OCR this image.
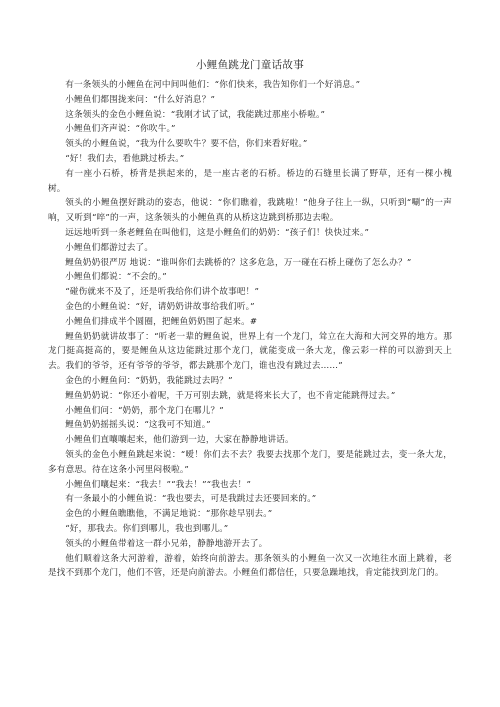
小鲤鱼跳龙门童话故事

有一条领头的小鲤鱼在河中间叫他们：“你们快来，我告知你们一个好消息。”

小鲤鱼们都围拢来问：“什么好消息？”

这条领头的金色小鲤鱼说：“我刚才试了试，我能跳过那座小桥啦。”

小鲤鱼们齐声说：“你吹牛。”

领头的小鲤鱼说，“我为什么要吹牛？要不信，你们来看好啦。”

“好！我们去，看他跳过桥去。”

有一座小石桥，桥背是拱起来的，是一座古老的石桥。桥边的石缝里长满了野草，还有一棵小槐树。

领头的小鲤鱼摆好跳动的姿态，他说：“你们瞧着，我跳啦！”他身子往上一纵，只听到“唰”的一声响，又听到“啐”的一声，这条领头的小鲤鱼真的从桥这边跳到桥那边去啦。

远远地听到一条老鲤鱼在叫他们，这是小鲤鱼们的奶奶：“孩子们！快快过来。”

小鲤鱼们都游过去了。

鲤鱼奶奶很严厉 地说：“谁叫你们去跳桥的？这多危急，万一碰在石桥上碰伤了怎么办？”

小鲤鱼们都说：“不会的。”

“碰伤就来不及了，还是听我给你们讲个故事吧！”

金色的小鲤鱼说：“好，请奶奶讲故事给我们听。”

小鲤鱼们排成半个圆圈，把鲤鱼奶奶围了起来。#

鲤鱼奶奶就讲故事了：“听老一辈的鲤鱼说，世界上有一个龙门，耸立在大海和大河交界的地方。那龙门挺高挺高的，要是鲤鱼从这边能跳过那个龙门，就能变成一条大龙，像云彩一样的可以游到天上去。我们的爷爷，还有爷爷的爷爷，都去跳那个龙门，谁也没有跳过去……”

金色的小鲤鱼问：“奶奶，我能跳过去吗？”

鲤鱼奶奶说：“你还小着呢，千万可别去跳，就是将来长大了，也不肯定能跳得过去。”

小鲤鱼们问：“奶奶，那个龙门在哪儿？”

鲤鱼奶奶摇摇头说：“这我可不知道。”

小鲤鱼们直嚷嚷起来，他们游到一边，大家在静静地讲话。

领头的金色小鲤鱼跳起来说：“嗳！你们去不去？我要去找那个龙门，要是能跳过去，变一条大龙，多有意思。待在这条小河里闷极啦。”

小鲤鱼们嚷起来：“我去！”“我去！”“我也去！”

有一条最小的小鲤鱼说：“我也要去，可是我跳过去还要回来的。”

金色的小鲤鱼瞧瞧他，不满足地说：“那你趁早别去。”

“好，那我去。你们到哪儿，我也到哪儿。”

领头的小鲤鱼带着这一群小兄弟，静静地游开去了。

他们顺着这条大河游着，游着，始终向前游去。那条领头的小鲤鱼一次又一次地往水面上跳着，老是找不到那个龙门，他们不管，还是向前游去。小鲤鱼们都信任，只要急躁地找，肯定能找到龙门的。
